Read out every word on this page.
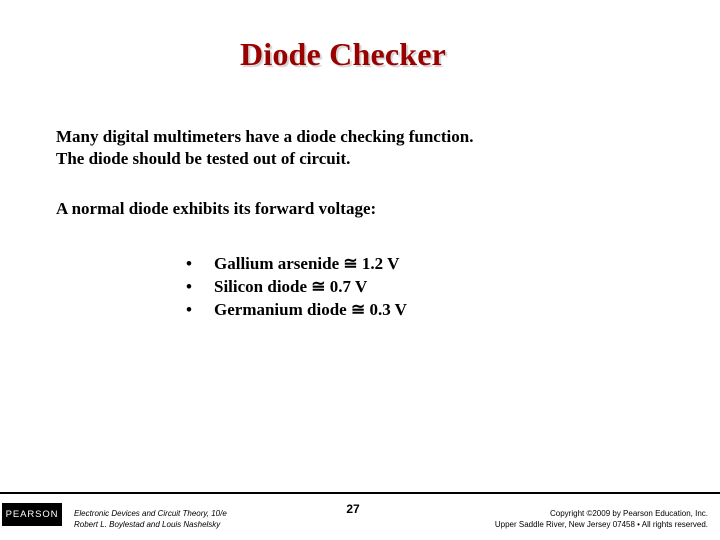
Diode Checker
Many digital multimeters have a diode checking function.
The diode should be tested out of circuit.
A normal diode exhibits its forward voltage:
•	Gallium arsenide ≅ 1.2 V
•	Silicon diode ≅ 0.7 V
•	Germanium diode ≅ 0.3 V
PEARSON	Electronic Devices and Circuit Theory, 10/e
Robert L. Boylestad and Louis Nashelsky
27	Copyright ©2009 by Pearson Education, Inc.
Upper Saddle River, New Jersey 07458 • All rights reserved.
